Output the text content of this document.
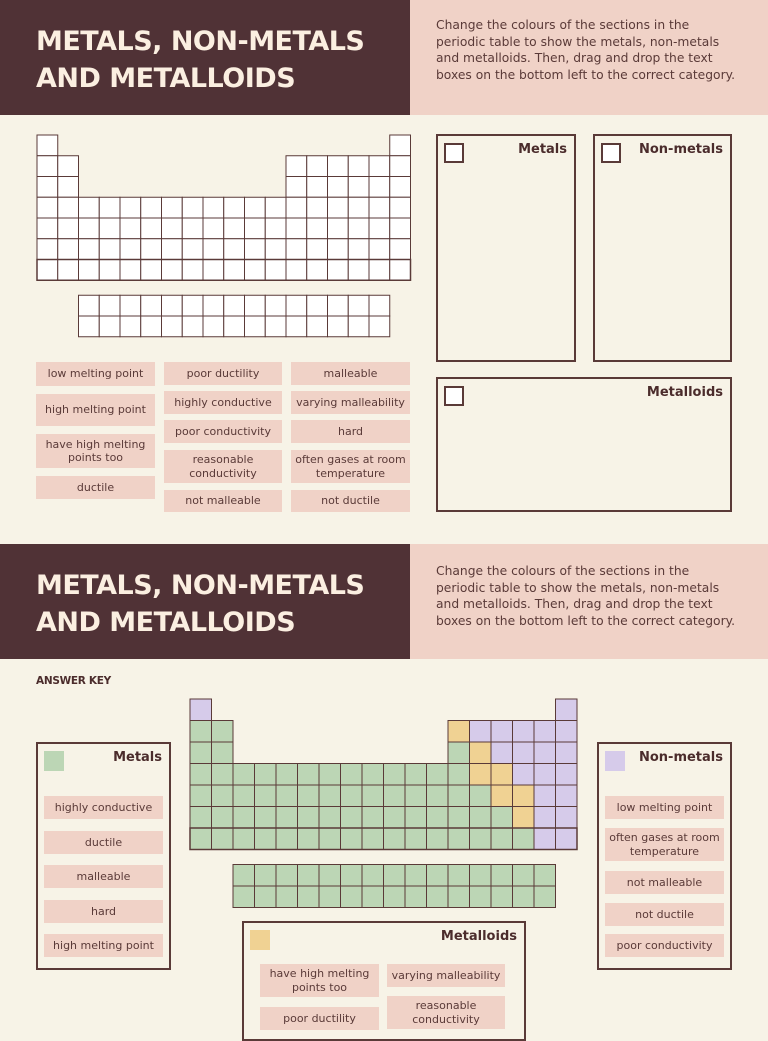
METALS, NON-METALS AND METALLOIDS
Change the colours of the sections in the periodic table to show the metals, non-metals and metalloids. Then, drag and drop the text boxes on the bottom left to the correct category.
low melting point
high melting point
have high melting points too
ductile
poor ductility
highly conductive
poor conductivity
reasonable conductivity
not malleable
malleable
varying malleability
hard
often gases at room temperature
not ductile
Metals	Non-metals
Metalloids
METALS, NON-METALS AND METALLOIDS
Change the colours of the sections in the periodic table to show the metals, non-metals and metalloids. Then, drag and drop the text boxes on the bottom left to the correct category.
ANSWER KEY
Metals
highly conductive
ductile
malleable
hard
high melting point
Non-metals
low melting point
often gases at room temperature
not malleable
not ductile
poor conductivity
Metalloids
have high melting points too
varying malleability
poor ductility
reasonable conductivity
